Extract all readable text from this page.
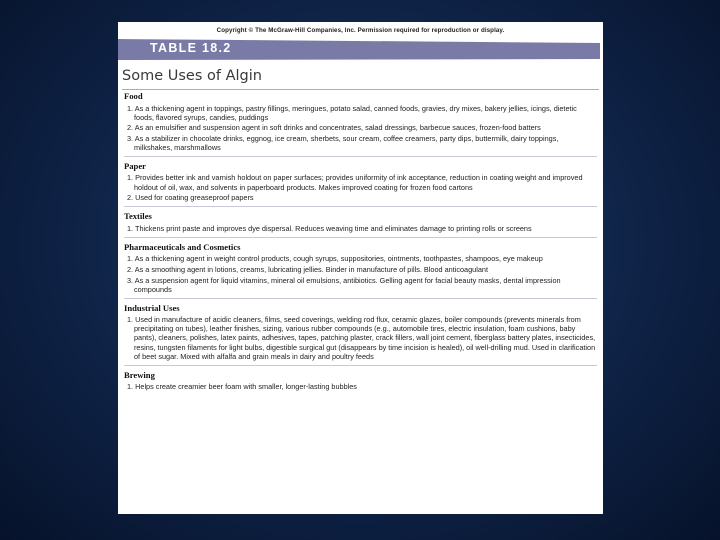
Copyright © The McGraw-Hill Companies, Inc. Permission required for reproduction or display.
TABLE 18.2
Some Uses of Algin
Food
1. As a thickening agent in toppings, pastry fillings, meringues, potato salad, canned foods, gravies, dry mixes, bakery jellies, icings, dietetic foods, flavored syrups, candies, puddings
2. As an emulsifier and suspension agent in soft drinks and concentrates, salad dressings, barbecue sauces, frozen-food batters
3. As a stabilizer in chocolate drinks, eggnog, ice cream, sherbets, sour cream, coffee creamers, party dips, buttermilk, dairy toppings, milkshakes, marshmallows
Paper
1. Provides better ink and varnish holdout on paper surfaces; provides uniformity of ink acceptance, reduction in coating weight and improved holdout of oil, wax, and solvents in paperboard products. Makes improved coating for frozen food cartons
2. Used for coating greaseproof papers
Textiles
1. Thickens print paste and improves dye dispersal. Reduces weaving time and eliminates damage to printing rolls or screens
Pharmaceuticals and Cosmetics
1. As a thickening agent in weight control products, cough syrups, suppositories, ointments, toothpastes, shampoos, eye makeup
2. As a smoothing agent in lotions, creams, lubricating jellies. Binder in manufacture of pills. Blood anticoagulant
3. As a suspension agent for liquid vitamins, mineral oil emulsions, antibiotics. Gelling agent for facial beauty masks, dental impression compounds
Industrial Uses
1. Used in manufacture of acidic cleaners, films, seed coverings, welding rod flux, ceramic glazes, boiler compounds (prevents minerals from precipitating on tubes), leather finishes, sizing, various rubber compounds (e.g., automobile tires, electric insulation, foam cushions, baby pants), cleaners, polishes, latex paints, adhesives, tapes, patching plaster, crack fillers, wall joint cement, fiberglass battery plates, insecticides, resins, tungsten filaments for light bulbs, digestible surgical gut (disappears by time incision is healed), oil well-drilling mud. Used in clarification of beet sugar. Mixed with alfalfa and grain meals in dairy and poultry feeds
Brewing
1. Helps create creamier beer foam with smaller, longer-lasting bubbles
